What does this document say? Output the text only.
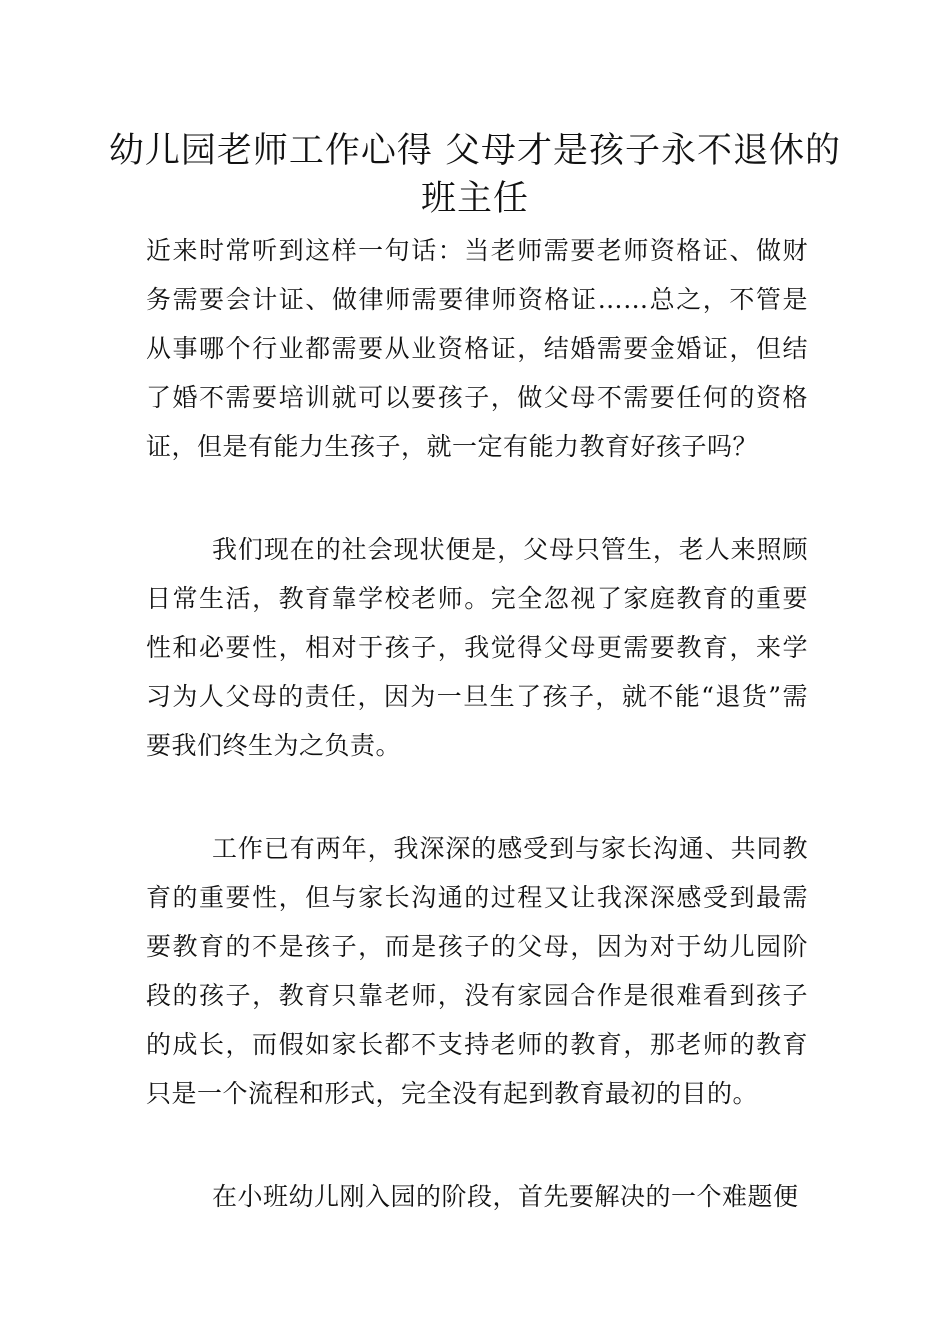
幼儿园老师工作心得 父母才是孩子永不退休的班主任

近来时常听到这样一句话：当老师需要老师资格证、做财务需要会计证、做律师需要律师资格证……总之，不管是从事哪个行业都需要从业资格证，结婚需要金婚证，但结了婚不需要培训就可以要孩子，做父母不需要任何的资格证，但是有能力生孩子，就一定有能力教育好孩子吗？

我们现在的社会现状便是，父母只管生，老人来照顾日常生活，教育靠学校老师。完全忽视了家庭教育的重要性和必要性，相对于孩子，我觉得父母更需要教育，来学习为人父母的责任，因为一旦生了孩子，就不能“退货”需要我们终生为之负责。

工作已有两年，我深深的感受到与家长沟通、共同教育的重要性，但与家长沟通的过程又让我深深感受到最需要教育的不是孩子，而是孩子的父母，因为对于幼儿园阶段的孩子，教育只靠老师，没有家园合作是很难看到孩子的成长，而假如家长都不支持老师的教育，那老师的教育只是一个流程和形式，完全没有起到教育最初的目的。

在小班幼儿刚入园的阶段，首先要解决的一个难题便
